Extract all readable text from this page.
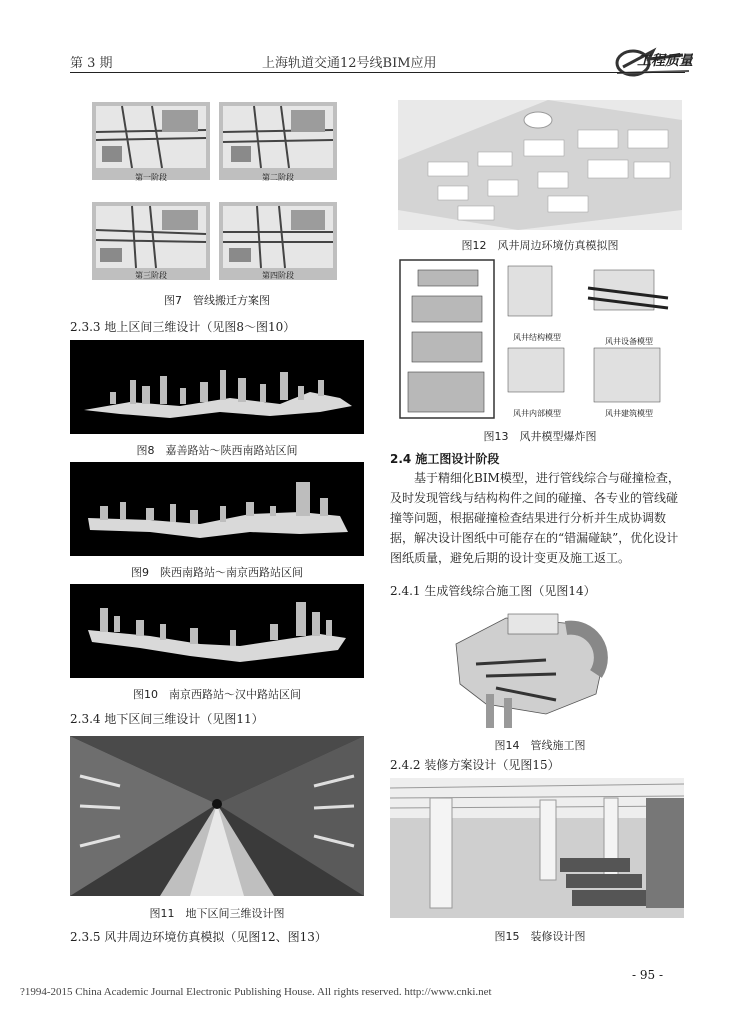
第 3 期	上海轨道交通12号线BIM应用	工程质量
第一阶段	第二阶段
第三阶段	第四阶段
图7　管线搬迁方案图
2.3.3 地上区间三维设计（见图8～图10）
图8　嘉善路站～陕西南路站区间
图9　陕西南路站～南京西路站区间
图10　南京西路站～汉中路站区间
2.3.4 地下区间三维设计（见图11）
图11　地下区间三维设计图
2.3.5 风井周边环境仿真模拟（见图12、图13）
图12　风井周边环境仿真模拟图
风井结构模型	风井设备模型
风井内部模型	风井建筑模型
图13　风井模型爆炸图
2.4 施工图设计阶段
基于精细化BIM模型，进行管线综合与碰撞检查，
及时发现管线与结构构件之间的碰撞、各专业的管线碰
撞等问题，根据碰撞检查结果进行分析并生成协调数
据，解决设计图纸中可能存在的“错漏碰缺”，优化设计
图纸质量，避免后期的设计变更及施工返工。
2.4.1 生成管线综合施工图（见图14）
图14　管线施工图
2.4.2 装修方案设计（见图15）
图15　装修设计图
- 95 -
?1994-2015 China Academic Journal Electronic Publishing House. All rights reserved. http://www.cnki.net
